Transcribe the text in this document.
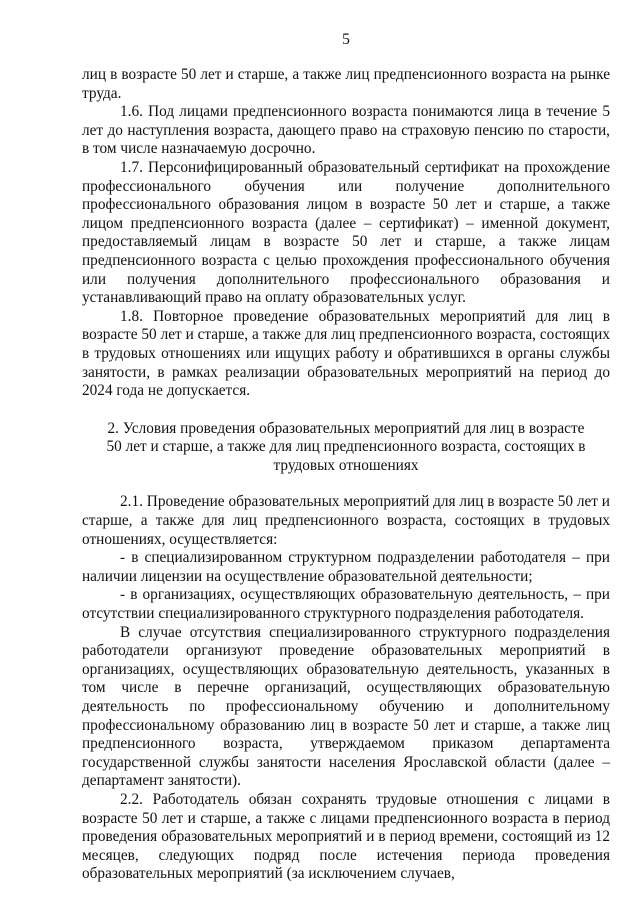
5

лиц в возрасте 50 лет и старше, а также лиц предпенсионного возраста на рынке труда.

1.6. Под лицами предпенсионного возраста понимаются лица в течение 5 лет до наступления возраста, дающего право на страховую пенсию по старости, в том числе назначаемую досрочно.

1.7. Персонифицированный образовательный сертификат на прохождение профессионального обучения или получение дополнительного профессионального образования лицом в возрасте 50 лет и старше, а также лицом предпенсионного возраста (далее – сертификат) – именной документ, предоставляемый лицам в возрасте 50 лет и старше, а также лицам предпенсионного возраста с целью прохождения профессионального обучения или получения дополнительного профессионального образования и устанавливающий право на оплату образовательных услуг.

1.8. Повторное проведение образовательных мероприятий для лиц в возрасте 50 лет и старше, а также для лиц предпенсионного возраста, состоящих в трудовых отношениях или ищущих работу и обратившихся в органы службы занятости, в рамках реализации образовательных мероприятий на период до 2024 года не допускается.

2. Условия проведения образовательных мероприятий для лиц в возрасте 50 лет и старше, а также для лиц предпенсионного возраста, состоящих в трудовых отношениях

2.1. Проведение образовательных мероприятий для лиц в возрасте 50 лет и старше, а также для лиц предпенсионного возраста, состоящих в трудовых отношениях, осуществляется:

- в специализированном структурном подразделении работодателя – при наличии лицензии на осуществление образовательной деятельности;

- в организациях, осуществляющих образовательную деятельность, – при отсутствии специализированного структурного подразделения работодателя.

В случае отсутствия специализированного структурного подразделения работодатели организуют проведение образовательных мероприятий в организациях, осуществляющих образовательную деятельность, указанных в том числе в перечне организаций, осуществляющих образовательную деятельность по профессиональному обучению и дополнительному профессиональному образованию лиц в возрасте 50 лет и старше, а также лиц предпенсионного возраста, утверждаемом приказом департамента государственной службы занятости населения Ярославской области (далее – департамент занятости).

2.2. Работодатель обязан сохранять трудовые отношения с лицами в возрасте 50 лет и старше, а также с лицами предпенсионного возраста в период проведения образовательных мероприятий и в период времени, состоящий из 12 месяцев, следующих подряд после истечения периода проведения образовательных мероприятий (за исключением случаев,
